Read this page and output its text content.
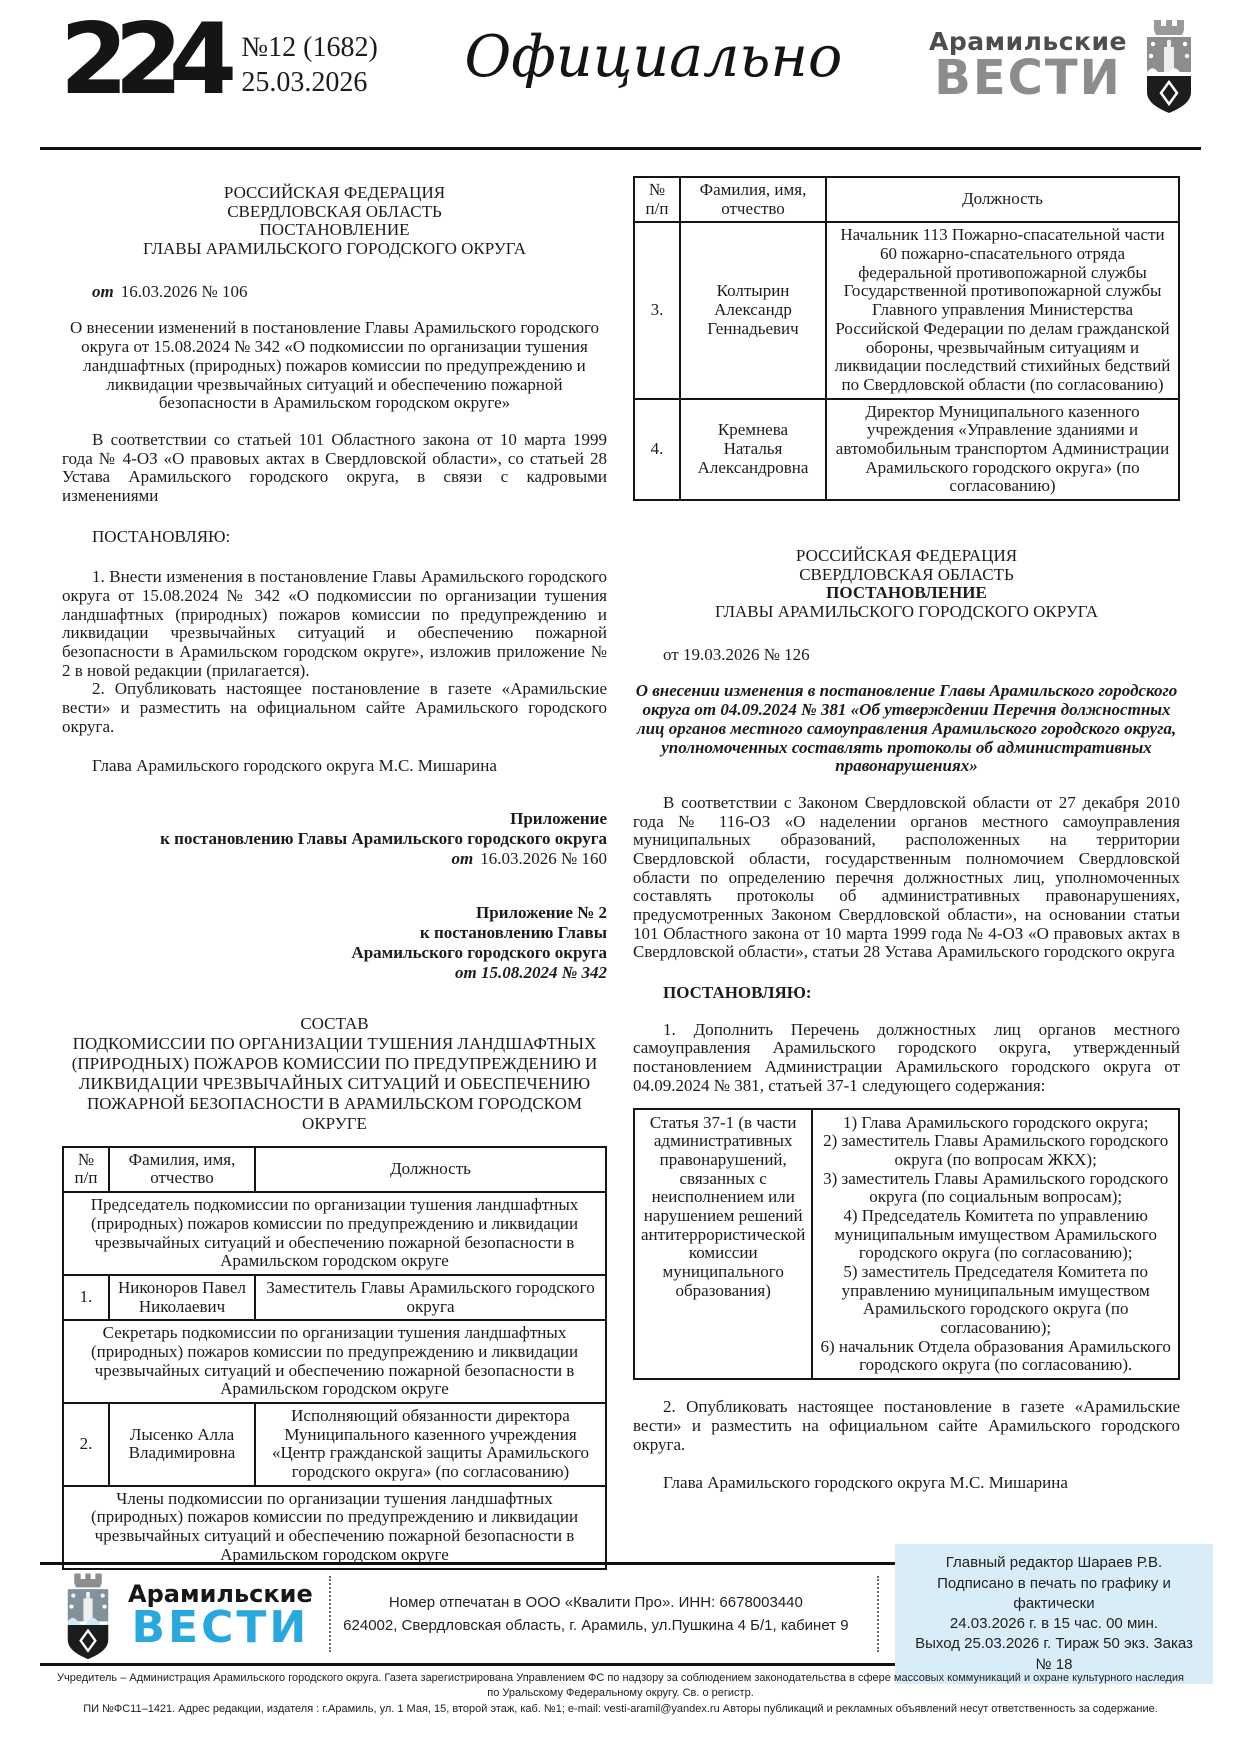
224 №12 (1682)
25.03.2026	Официально	Арамильские
ВЕСТИ
РОССИЙСКАЯ ФЕДЕРАЦИЯ
СВЕРДЛОВСКАЯ ОБЛАСТЬ
ПОСТАНОВЛЕНИЕ
ГЛАВЫ АРАМИЛЬСКОГО ГОРОДСКОГО ОКРУГА

от 16.03.2026 № 106

О внесении изменений в постановление Главы Арамильского городского округа от 15.08.2024 № 342 «О подкомиссии по организации тушения ландшафтных (природных) пожаров комиссии по предупреждению и ликвидации чрезвычайных ситуаций и обеспечению пожарной безопасности в Арамильском городском округе»

В соответствии со статьей 101 Областного закона от 10 марта 1999 года № 4-ОЗ «О правовых актах в Свердловской области», со статьей 28 Устава Арамильского городского округа, в связи с кадровыми изменениями

ПОСТАНОВЛЯЮ:

1. Внести изменения в постановление Главы Арамильского городского округа от 15.08.2024 № 342 «О подкомиссии по организации тушения ландшафтных (природных) пожаров комиссии по предупреждению и ликвидации чрезвычайных ситуаций и обеспечению пожарной безопасности в Арамильском городском округе», изложив приложение № 2 в новой редакции (прилагается).

2. Опубликовать настоящее постановление в газете «Арамильские вести» и разместить на официальном сайте Арамильского городского округа.

Глава Арамильского городского округа М.С. Мишарина

Приложение
к постановлению Главы Арамильского городского округа
от 16.03.2026 № 160
Приложение № 2
к постановлению Главы
Арамильского городского округа
от 15.08.2024 № 342
СОСТАВ
ПОДКОМИССИИ ПО ОРГАНИЗАЦИИ ТУШЕНИЯ ЛАНДШАФТНЫХ (ПРИРОДНЫХ) ПОЖАРОВ КОМИССИИ ПО ПРЕДУПРЕЖДЕНИЮ И ЛИКВИДАЦИИ ЧРЕЗВЫЧАЙНЫХ СИТУАЦИЙ И ОБЕСПЕЧЕНИЮ ПОЖАРНОЙ БЕЗОПАСНОСТИ В АРАМИЛЬСКОМ ГОРОДСКОМ ОКРУГЕ
№ п/п	Фамилия, имя, отчество	Должность
Председатель подкомиссии по организации тушения ландшафтных (природных) пожаров комиссии по предупреждению и ликвидации чрезвычайных ситуаций и обеспечению пожарной безопасности в Арамильском городском округе		
1.	Никоноров Павел Николаевич	Заместитель Главы Арамильского городского округа
Секретарь подкомиссии по организации тушения ландшафтных (природных) пожаров комиссии по предупреждению и ликвидации чрезвычайных ситуаций и обеспечению пожарной безопасности в Арамильском городском округе		
2.	Лысенко Алла Владимировна	Исполняющий обязанности директора Муниципального казенного учреждения «Центр гражданской защиты Арамильского городского округа» (по согласованию)
Члены подкомиссии по организации тушения ландшафтных (природных) пожаров комиссии по предупреждению и ликвидации чрезвычайных ситуаций и обеспечению пожарной безопасности в Арамильском городском округе		
№ п/п	Фамилия, имя, отчество	Должность
3.	Колтырин Александр Геннадьевич	Начальник 113 Пожарно-спасательной части 60 пожарно-спасательного отряда федеральной противопожарной службы Государственной противопожарной службы Главного управления Министерства Российской Федерации по делам гражданской обороны, чрезвычайным ситуациям и ликвидации последствий стихийных бедствий по Свердловской области (по согласованию)
4.	Кремнева Наталья Александровна	Директор Муниципального казенного учреждения «Управление зданиями и автомобильным транспортом Администрации Арамильского городского округа» (по согласованию)
РОССИЙСКАЯ ФЕДЕРАЦИЯ
СВЕРДЛОВСКАЯ ОБЛАСТЬ
ПОСТАНОВЛЕНИЕ
ГЛАВЫ АРАМИЛЬСКОГО ГОРОДСКОГО ОКРУГА

от 19.03.2026 № 126

О внесении изменения в постановление Главы Арамильского городского округа от 04.09.2024 № 381 «Об утверждении Перечня должностных лиц органов местного самоуправления Арамильского городского округа, уполномоченных составлять протоколы об административных правонарушениях»

В соответствии с Законом Свердловской области от 27 декабря 2010 года № 116-ОЗ «О наделении органов местного самоуправления муниципальных образований, расположенных на территории Свердловской области, государственным полномочием Свердловской области по определению перечня должностных лиц, уполномоченных составлять протоколы об административных правонарушениях, предусмотренных Законом Свердловской области», на основании статьи 101 Областного закона от 10 марта 1999 года № 4-ОЗ «О правовых актах в Свердловской области», статьи 28 Устава Арамильского городского округа

ПОСТАНОВЛЯЮ:

1. Дополнить Перечень должностных лиц органов местного самоуправления Арамильского городского округа, утвержденный постановлением Администрации Арамильского городского округа от 04.09.2024 № 381, статьей 37-1 следующего содержания:

Статья 37-1 (в части административных правонарушений, связанных с неисполнением или нарушением решений антитеррористической комиссии муниципального образования)	
1) Глава Арамильского городского округа;
2) заместитель Главы Арамильского городского округа (по вопросам ЖКХ);
3) заместитель Главы Арамильского городского округа (по социальным вопросам);
4) Председатель Комитета по управлению муниципальным имуществом Арамильского городского округа (по согласованию);
5) заместитель Председателя Комитета по управлению муниципальным имуществом Арамильского городского округа (по согласованию);
6) начальник Отдела образования Арамильского городского округа (по согласованию).

2. Опубликовать настоящее постановление в газете «Арамильские вести» и разместить на официальном сайте Арамильского городского округа.

Глава Арамильского городского округа М.С. Мишарина

Арамильские
ВЕСТИ	Номер отпечатан в ООО «Квалити Про». ИНН: 6678003440
624002, Свердловская область, г. Арамиль, ул.Пушкина 4 Б/1, кабинет 9
Главный редактор Шараев Р.В.
Подписано в печать по графику и фактически
24.03.2026 г. в 15 час. 00 мин.
Выход 25.03.2026 г. Тираж 50 экз. Заказ № 18
Учредитель – Администрация Арамильского городского округа. Газета зарегистрирована Управлением ФС по надзору за соблюдением законодательства в сфере массовых коммуникаций и охране культурного наследия по Уральскому Федеральному округу. Св. о регистр.
ПИ №ФС11–1421. Адрес редакции, издателя : г.Арамиль, ул. 1 Мая, 15, второй этаж, каб. №1; e-mail: vesti-aramil@yandex.ru Авторы публикаций и рекламных объявлений несут ответственность за содержание.
